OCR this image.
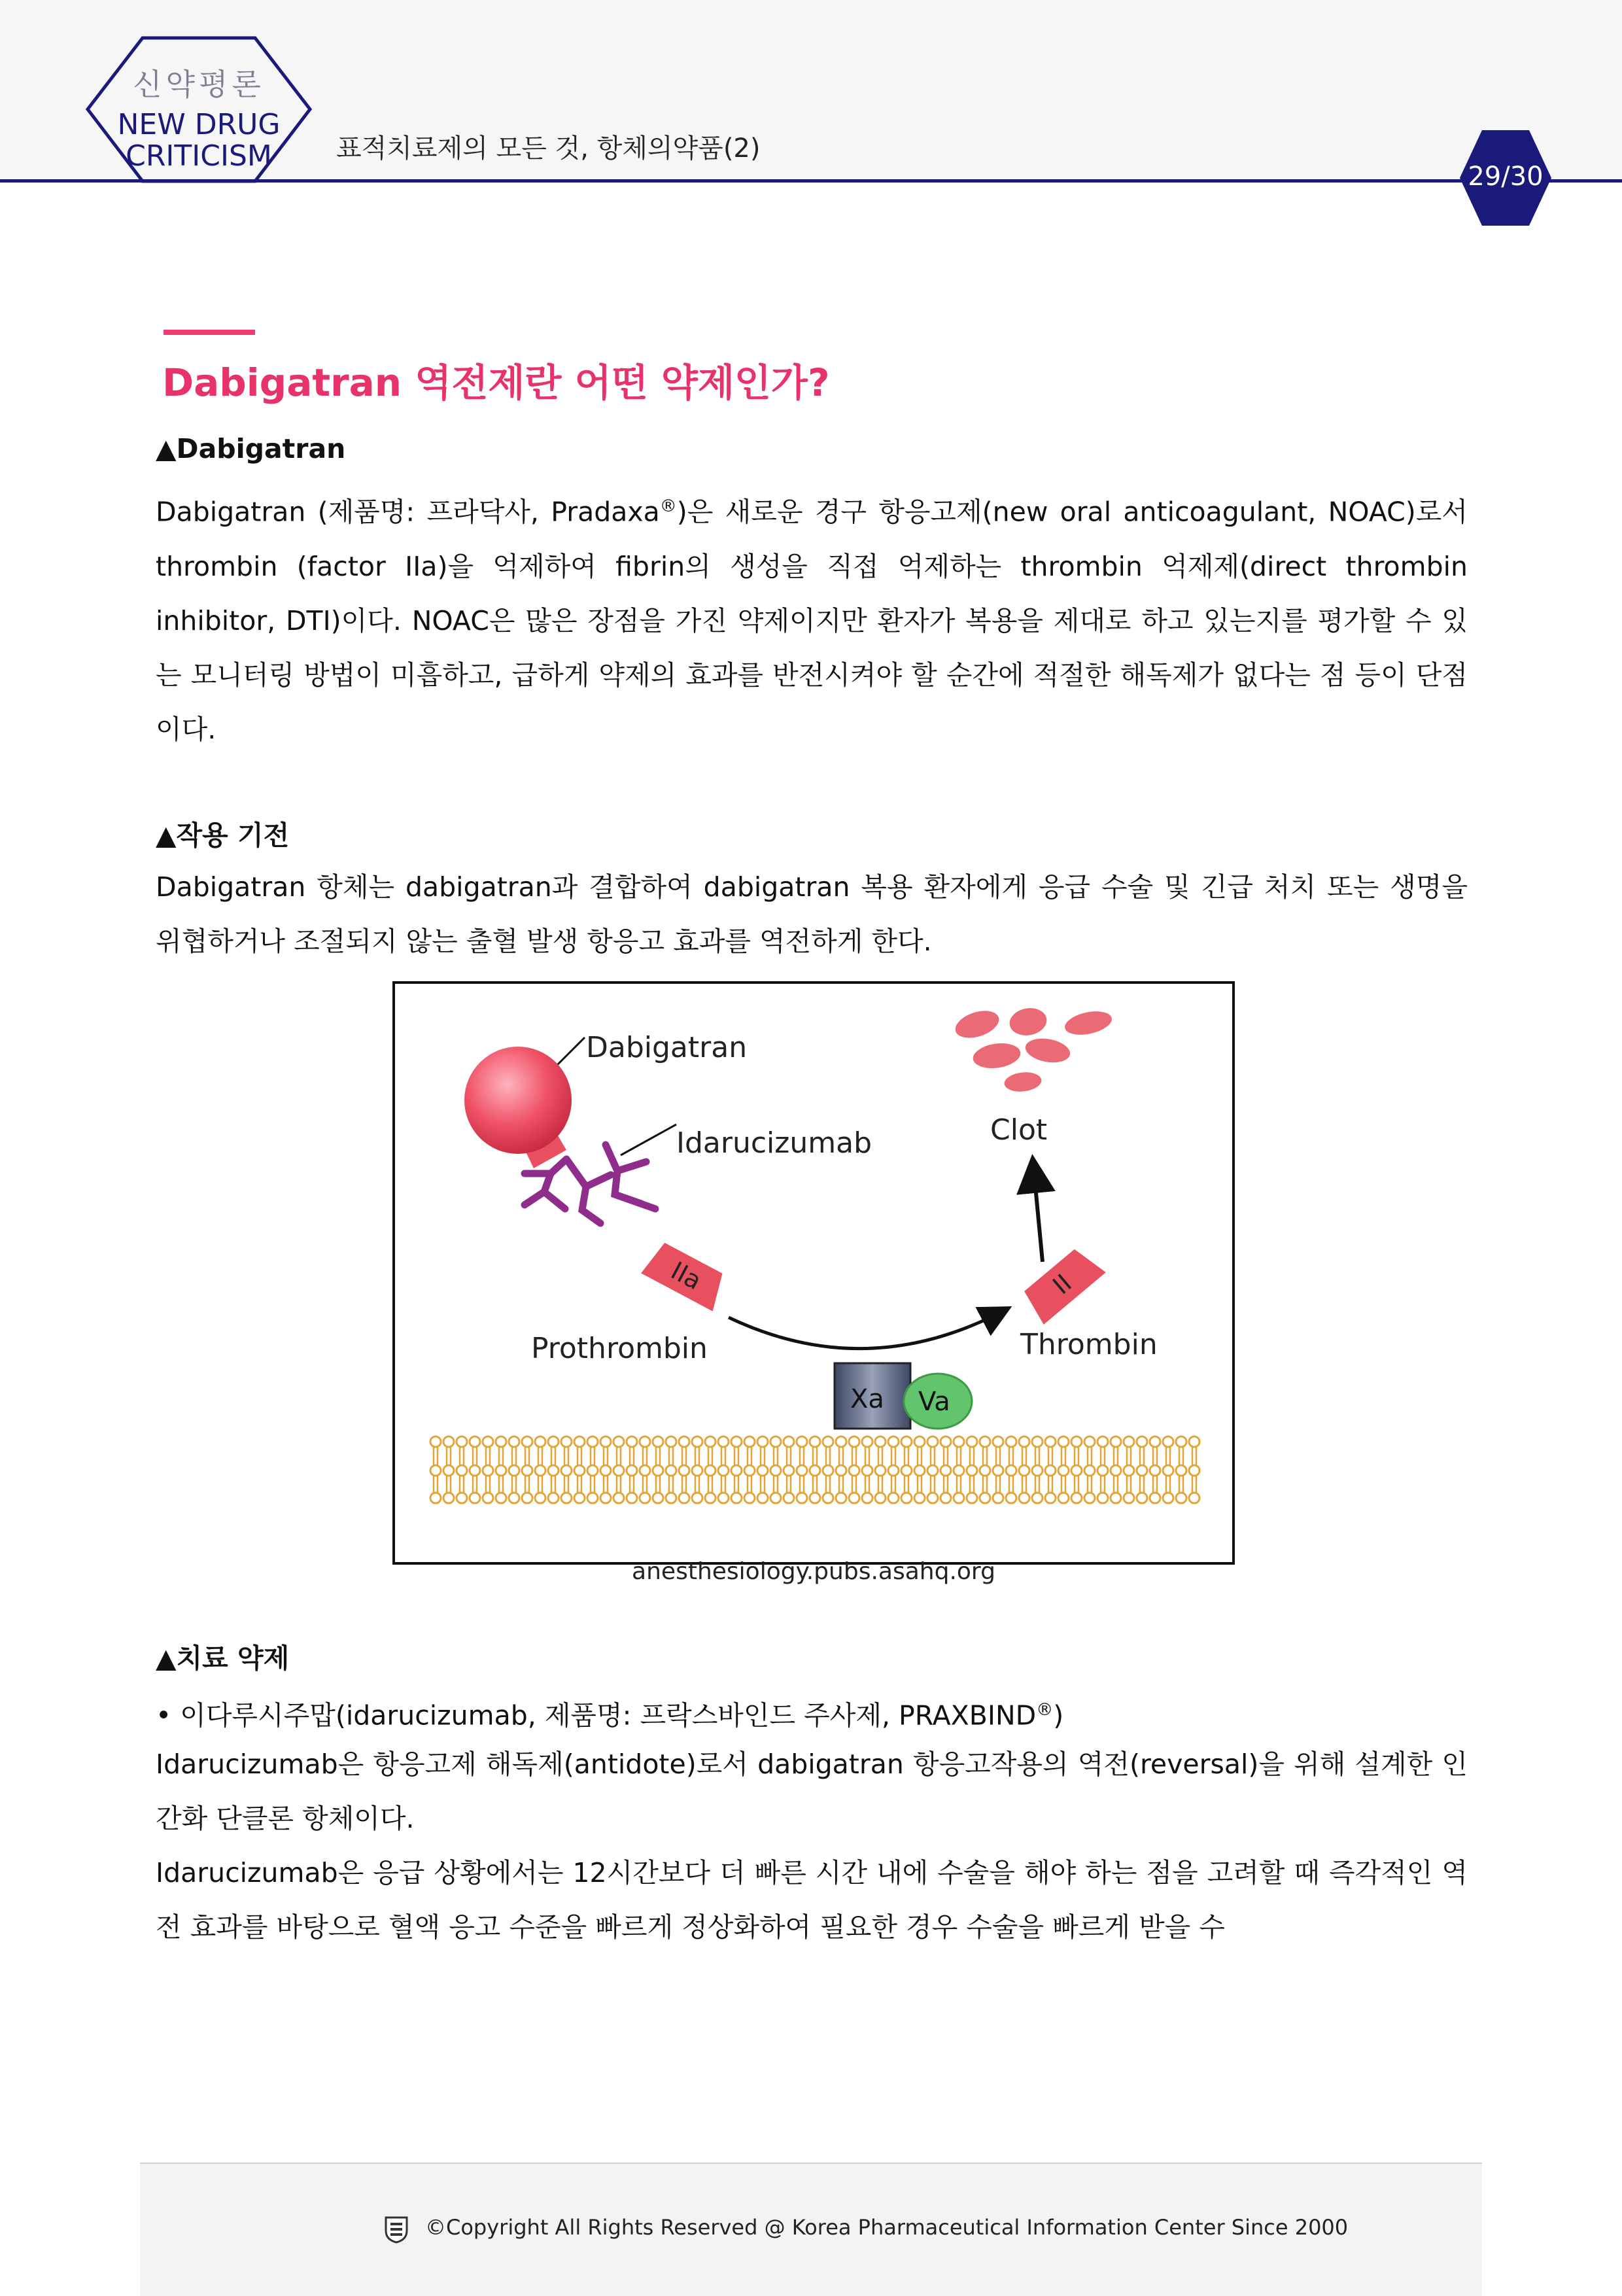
신약평론
NEW DRUG
CRITICISM	표적치료제의 모든 것, 항체의약품(2)
29/30
Dabigatran 역전제란 어떤 약제인가?
▲Dabigatran
Dabigatran (제품명: 프라닥사, Pradaxa®)은 새로운 경구 항응고제(new oral anticoagulant, NOAC)로서 thrombin (factor IIa)을 억제하여 fibrin의 생성을 직접 억제하는 thrombin 억제제(direct thrombin inhibitor, DTI)이다. NOAC은 많은 장점을 가진 약제이지만 환자가 복용을 제대로 하고 있는지를 평가할 수 있는 모니터링 방법이 미흡하고, 급하게 약제의 효과를 반전시켜야 할 순간에 적절한 해독제가 없다는 점 등이 단점이다.
▲작용 기전
Dabigatran 항체는 dabigatran과 결합하여 dabigatran 복용 환자에게 응급 수술 및 긴급 처치 또는 생명을 위협하거나 조절되지 않는 출혈 발생 항응고 효과를 역전하게 한다.
Dabigatran
Idarucizumab	Clot
IIa
Prothrombin
II
Thrombin
Xa Va
anesthesiology.pubs.asahq.org
▲치료 약제
• 이다루시주맙(idarucizumab, 제품명: 프락스바인드 주사제, PRAXBIND®)
Idarucizumab은 항응고제 해독제(antidote)로서 dabigatran 항응고작용의 역전(reversal)을 위해 설계한 인간화 단클론 항체이다.
Idarucizumab은 응급 상황에서는 12시간보다 더 빠른 시간 내에 수술을 해야 하는 점을 고려할 때 즉각적인 역전 효과를 바탕으로 혈액 응고 수준을 빠르게 정상화하여 필요한 경우 수술을 빠르게 받을 수
©Copyright All Rights Reserved @ Korea Pharmaceutical Information Center Since 2000
